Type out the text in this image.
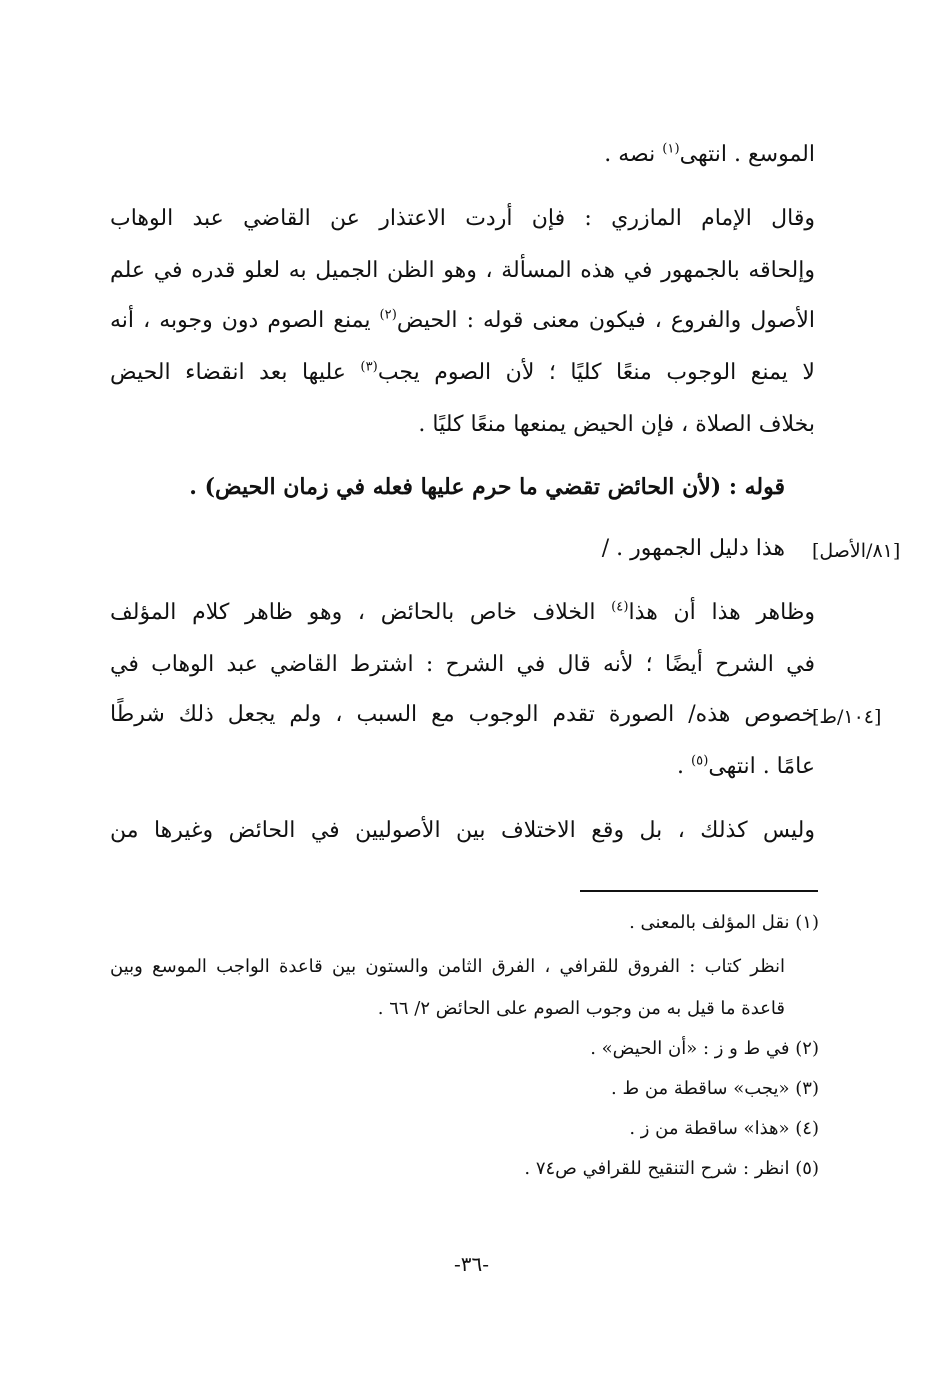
الموسع . انتهى$^{(١)}$ نصه .
وقال الإمام المازري : فإن أردت الاعتذار عن القاضي عبد الوهاب
وإلحاقه بالجمهور في هذه المسألة ، وهو الظن الجميل به لعلو قدره في علم
الأصول والفروع ، فيكون معنى قوله : الحيض$^{(٢)}$ يمنع الصوم دون وجوبه ، أنه
لا يمنع الوجوب منعًا كليًا ؛ لأن الصوم يجب$^{(٣)}$ عليها بعد انقضاء الحيض
بخلاف الصلاة ، فإن الحيض يمنعها منعًا كليًا .
قوله : (لأن الحائض تقضي ما حرم عليها فعله في زمان الحيض) .
هذا دليل الجمهور . / [٨١/الأصل]
وظاهر هذا أن هذا$^{(٤)}$ الخلاف خاص بالحائض ، وهو ظاهر كلام المؤلف
في الشرح أيضًا ؛ لأنه قال في الشرح : اشترط القاضي عبد الوهاب في
خصوص هذه/ الصورة تقدم الوجوب مع السبب ، ولم يجعل ذلك شرطًا
[١٠٤/ط]
عامًا . انتهى$^{(٥)}$ .
وليس كذلك ، بل وقع الاختلاف بين الأصوليين في الحائض وغيرها من
(١) نقل المؤلف بالمعنى .
انظر كتاب : الفروق للقرافي ، الفرق الثامن والستون بين قاعدة الواجب الموسع وبين
قاعدة ما قيل به من وجوب الصوم على الحائض ٢/ ٦٦ .
(٢) في ط و ز : «أن الحيض» .
(٣) «يجب» ساقطة من ط .
(٤) «هذا» ساقطة من ز .
(٥) انظر : شرح التنقيح للقرافي ص٧٤ .
-٣٦-
